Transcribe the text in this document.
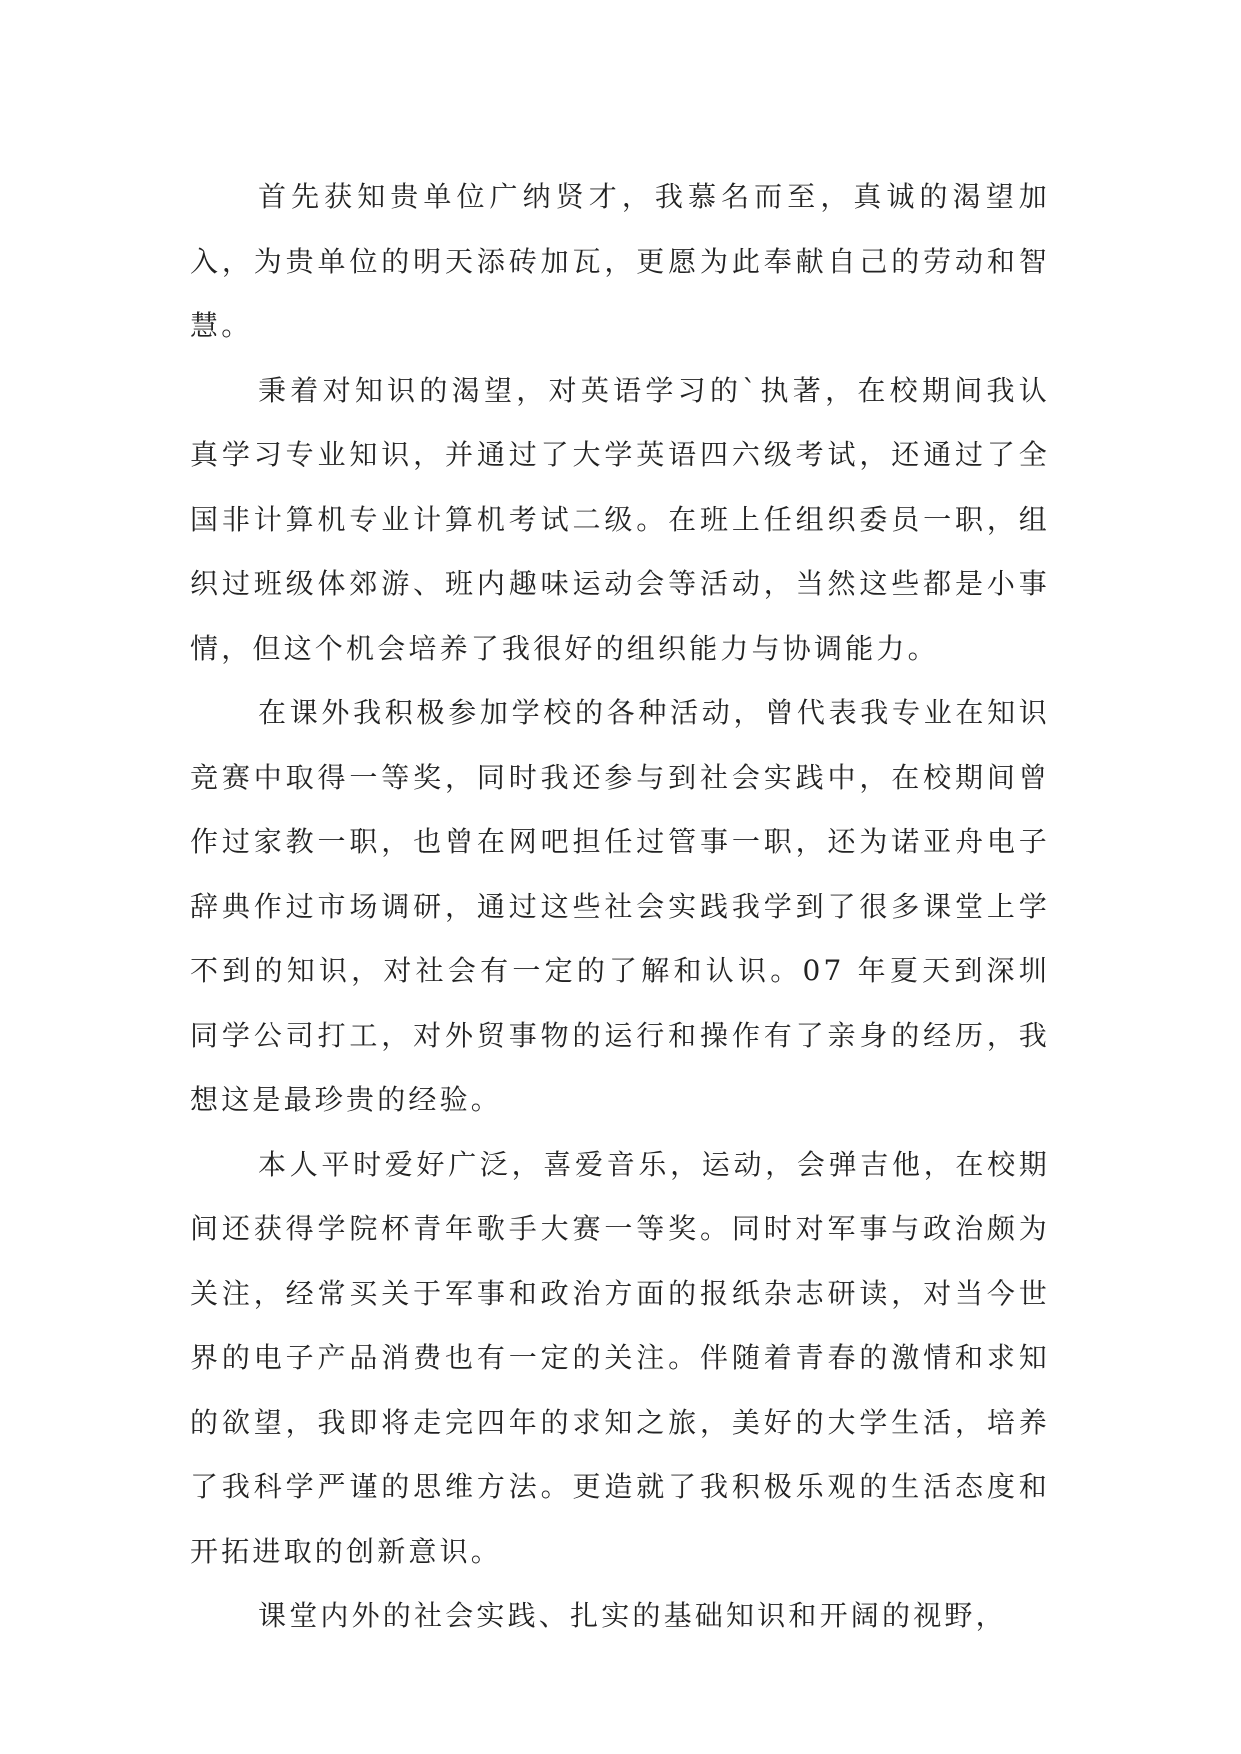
首先获知贵单位广纳贤才，我慕名而至，真诚的渴望加入，为贵单位的明天添砖加瓦，更愿为此奉献自己的劳动和智慧。

秉着对知识的渴望，对英语学习的`执著，在校期间我认真学习专业知识，并通过了大学英语四六级考试，还通过了全国非计算机专业计算机考试二级。在班上任组织委员一职，组织过班级体郊游、班内趣味运动会等活动，当然这些都是小事情，但这个机会培养了我很好的组织能力与协调能力。

在课外我积极参加学校的各种活动，曾代表我专业在知识竞赛中取得一等奖，同时我还参与到社会实践中，在校期间曾作过家教一职，也曾在网吧担任过管事一职，还为诺亚舟电子辞典作过市场调研，通过这些社会实践我学到了很多课堂上学不到的知识，对社会有一定的了解和认识。07 年夏天到深圳同学公司打工，对外贸事物的运行和操作有了亲身的经历，我想这是最珍贵的经验。

本人平时爱好广泛，喜爱音乐，运动，会弹吉他，在校期间还获得学院杯青年歌手大赛一等奖。同时对军事与政治颇为关注，经常买关于军事和政治方面的报纸杂志研读，对当今世界的电子产品消费也有一定的关注。伴随着青春的激情和求知的欲望，我即将走完四年的求知之旅，美好的大学生活，培养了我科学严谨的思维方法。更造就了我积极乐观的生活态度和开拓进取的创新意识。

课堂内外的社会实践、扎实的基础知识和开阔的视野，
